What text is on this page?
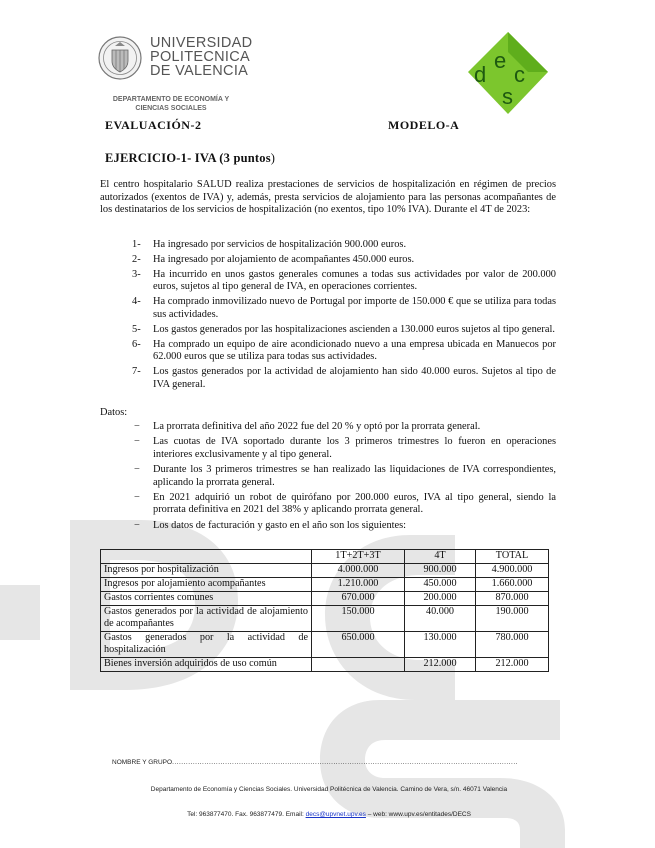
UNIVERSIDAD
POLITECNICA
DE VALENCIA
DEPARTAMENTO DE ECONOMÍA Y
CIENCIAS SOCIALES
d
e
c
s
EVALUACIÓN-2	MODELO-A
EJERCICIO-1- IVA (3 puntos)
El centro hospitalario SALUD realiza prestaciones de servicios de hospitalización en régimen de precios autorizados (exentos de IVA) y, además, presta servicios de alojamiento para las personas acompañantes de los destinatarios de los servicios de hospitalización (no exentos, tipo 10% IVA). Durante el 4T de 2023:
1- Ha ingresado por servicios de hospitalización 900.000 euros.
2- Ha ingresado por alojamiento de acompañantes 450.000 euros.
3- Ha incurrido en unos gastos generales comunes a todas sus actividades por valor de 200.000 euros, sujetos al tipo general de IVA, en operaciones corrientes.
4- Ha comprado inmovilizado nuevo de Portugal por importe de 150.000 € que se utiliza para todas sus actividades.
5- Los gastos generados por las hospitalizaciones ascienden a 130.000 euros sujetos al tipo general.
6- Ha comprado un equipo de aire acondicionado nuevo a una empresa ubicada en Manuecos por 62.000 euros que se utiliza para todas sus actividades.
7- Los gastos generados por la actividad de alojamiento han sido 40.000 euros. Sujetos al tipo de IVA general.
Datos:
− La prorrata definitiva del año 2022 fue del 20 % y optó por la prorrata general.
− Las cuotas de IVA soportado durante los 3 primeros trimestres lo fueron en operaciones interiores exclusivamente y al tipo general.
− Durante los 3 primeros trimestres se han realizado las liquidaciones de IVA correspondientes, aplicando la prorrata general.
− En 2021 adquirió un robot de quirófano por 200.000 euros, IVA al tipo general, siendo la prorrata definitiva en 2021 del 38% y aplicando prorrata general.
− Los datos de facturación y gasto en el año son los siguientes:
	1T+2T+3T	4T	TOTAL
Ingresos por hospitalización	4.000.000	900.000	4.900.000
Ingresos por alojamiento acompañantes	1.210.000	450.000	1.660.000
Gastos corrientes comunes	670.000	200.000	870.000
Gastos generados por la actividad de alojamiento de acompañantes	150.000	40.000	190.000
Gastos generados por la actividad de hospitalización	650.000	130.000	780.000
Bienes inversión adquiridos de uso común		212.000	212.000
NOMBRE Y GRUPO......................................................................................................................................................
Departamento de Economía y Ciencias Sociales. Universidad Politécnica de Valencia. Camino de Vera, s/n. 46071 Valencia
Tel: 963877470. Fax. 963877479. Email: decs@upvnet.upv.es – web: www.upv.es/entitades/DECS
